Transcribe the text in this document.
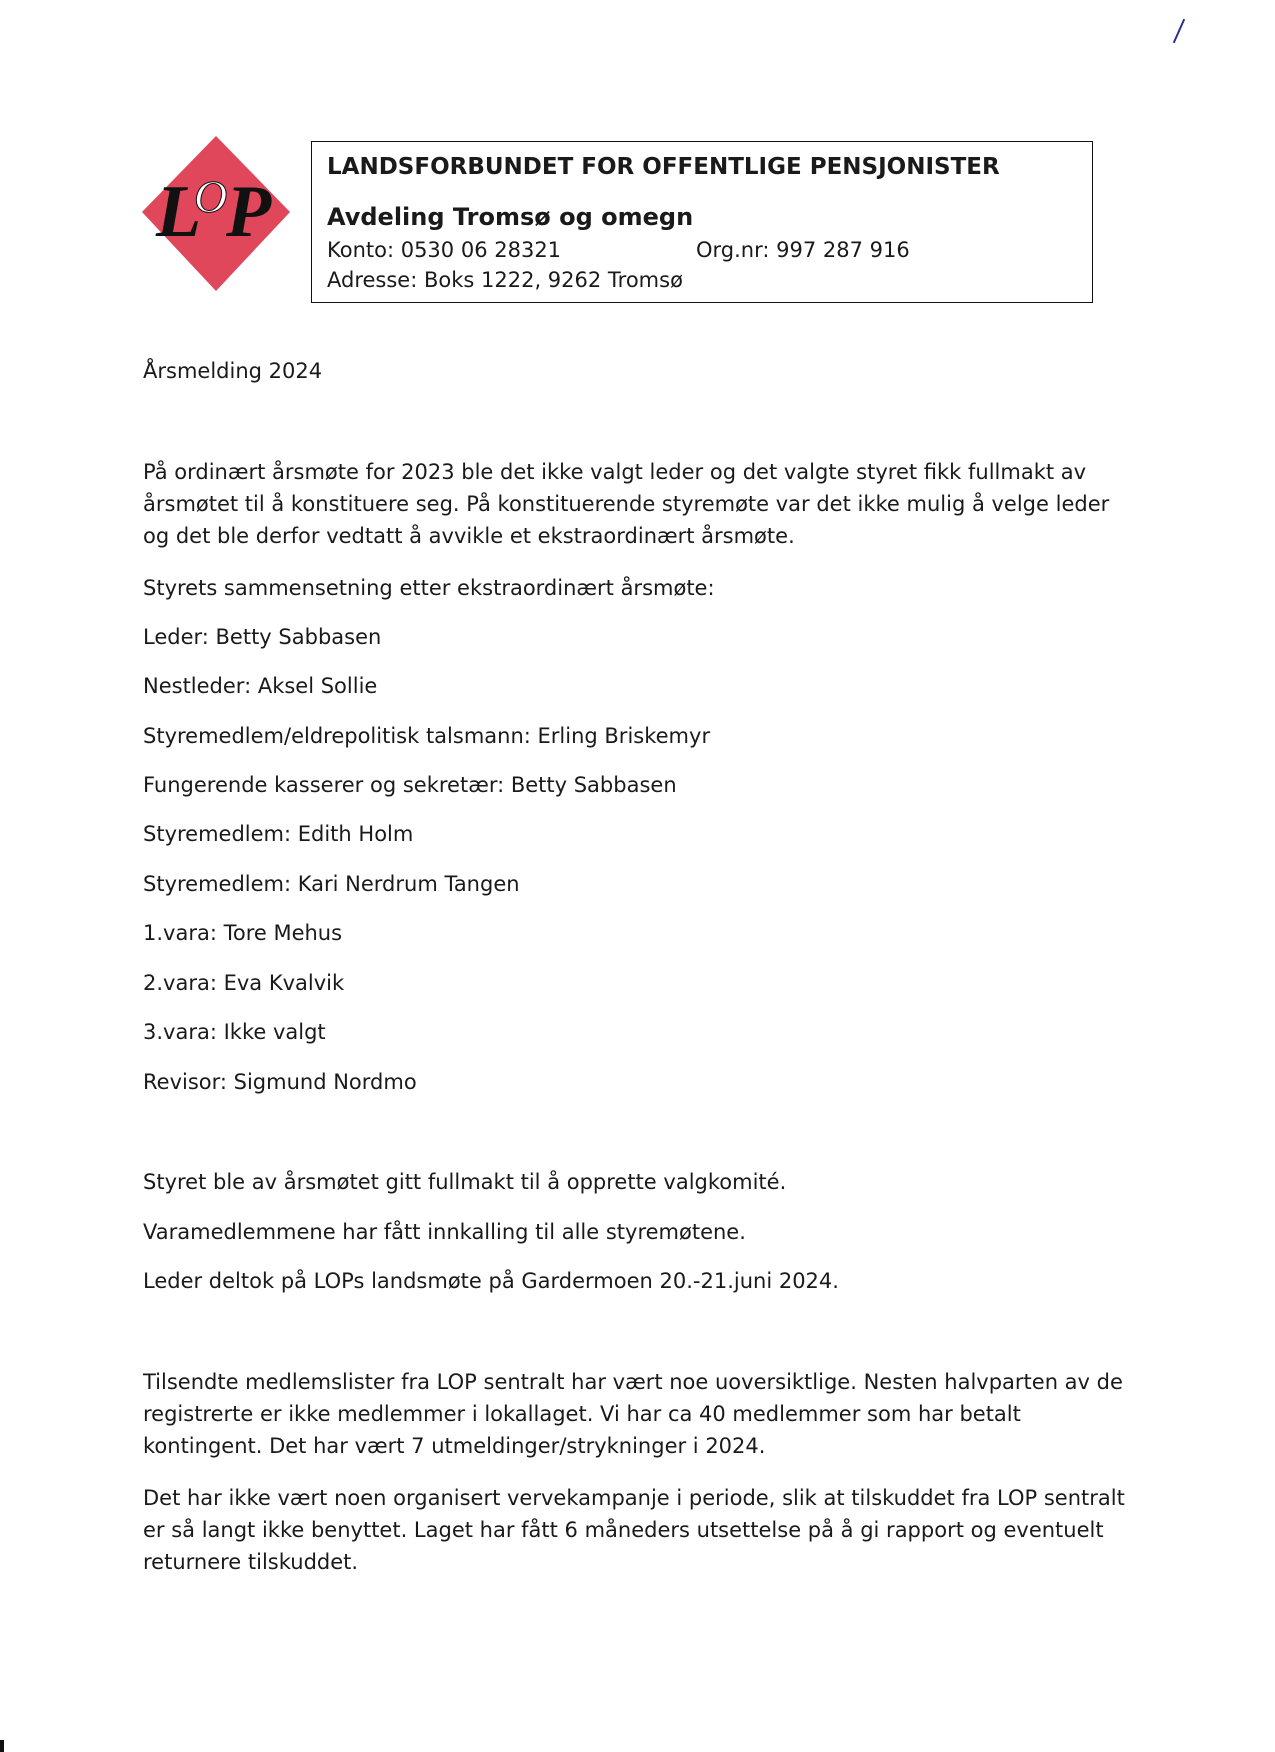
L
O
P
LANDSFORBUNDET FOR OFFENTLIGE PENSJONISTER
Avdeling Tromsø og omegn
Konto: 0530 06 28321	Org.nr: 997 287 916
Adresse: Boks 1222, 9262 Tromsø
Årsmelding 2024
På ordinært årsmøte for 2023 ble det ikke valgt leder og det valgte styret fikk fullmakt av
årsmøtet til å konstituere seg. På konstituerende styremøte var det ikke mulig å velge leder
og det ble derfor vedtatt å avvikle et ekstraordinært årsmøte.
Styrets sammensetning etter ekstraordinært årsmøte:
Leder: Betty Sabbasen
Nestleder: Aksel Sollie
Styremedlem/eldrepolitisk talsmann: Erling Briskemyr
Fungerende kasserer og sekretær: Betty Sabbasen
Styremedlem: Edith Holm
Styremedlem: Kari Nerdrum Tangen
1.vara: Tore Mehus
2.vara: Eva Kvalvik
3.vara: Ikke valgt
Revisor: Sigmund Nordmo
Styret ble av årsmøtet gitt fullmakt til å opprette valgkomité.
Varamedlemmene har fått innkalling til alle styremøtene.
Leder deltok på LOPs landsmøte på Gardermoen 20.-21.juni 2024.
Tilsendte medlemslister fra LOP sentralt har vært noe uoversiktlige. Nesten halvparten av de
registrerte er ikke medlemmer i lokallaget. Vi har ca 40 medlemmer som har betalt
kontingent. Det har vært 7 utmeldinger/strykninger i 2024.
Det har ikke vært noen organisert vervekampanje i periode, slik at tilskuddet fra LOP sentralt
er så langt ikke benyttet. Laget har fått 6 måneders utsettelse på å gi rapport og eventuelt
returnere tilskuddet.
